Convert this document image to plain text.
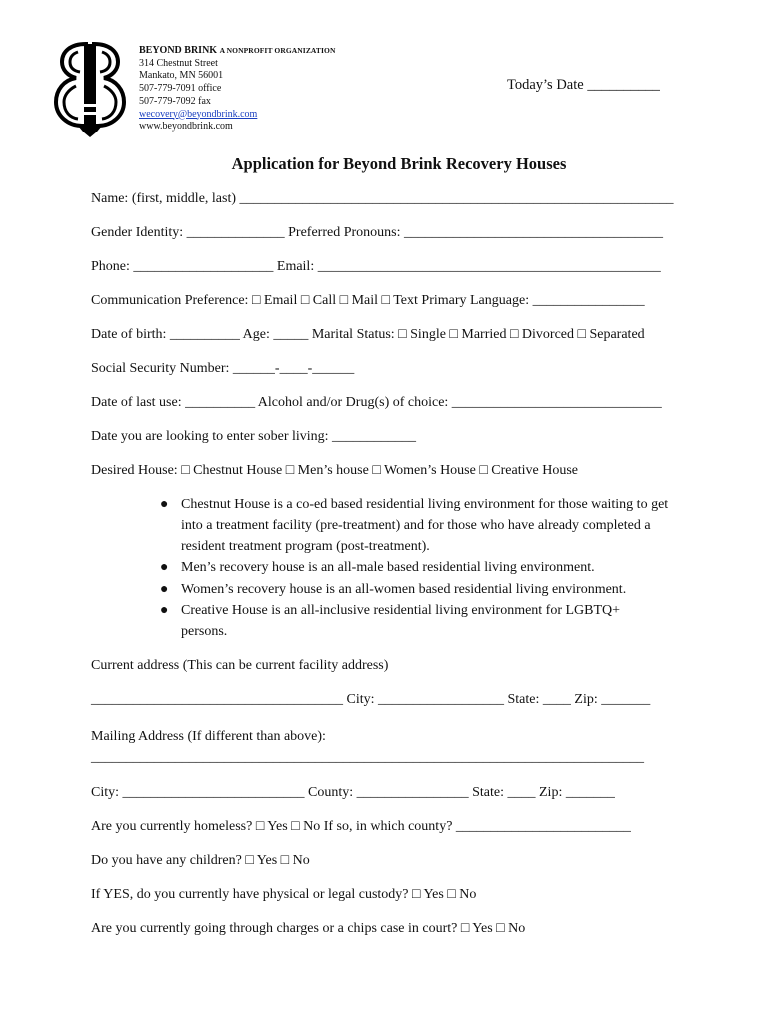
BEYOND BRINK A NONPROFIT ORGANIZATION
314 Chestnut Street
Mankato, MN 56001
507-779-7091 office
507-779-7092 fax
wecovery@beyondbrink.com
www.beyondbrink.com
Today’s Date __________
Application for Beyond Brink Recovery Houses
Name: (first, middle, last) ______________________________________________________________
Gender Identity: ______________ Preferred Pronouns: _____________________________________
Phone: ____________________ Email: _________________________________________________
Communication Preference: □ Email □ Call □ Mail □ Text Primary Language: ________________
Date of birth: __________ Age: _____ Marital Status: □ Single □ Married □ Divorced □ Separated
Social Security Number: ______-____-______
Date of last use: __________ Alcohol and/or Drug(s) of choice: ______________________________
Date you are looking to enter sober living: ____________
Desired House: □ Chestnut House □ Men’s house □ Women’s House □ Creative House
● Chestnut House is a co-ed based residential living environment for those waiting to get
into a treatment facility (pre-treatment) and for those who have already completed a
resident treatment program (post-treatment).
● Men’s recovery house is an all-male based residential living environment.
● Women’s recovery house is an all-women based residential living environment.
● Creative House is an all-inclusive residential living environment for LGBTQ+
persons.
Current address (This can be current facility address)
____________________________________ City: __________________ State: ____ Zip: _______
Mailing Address (If different than above):
_______________________________________________________________________________
City: __________________________ County: ________________ State: ____ Zip: _______
Are you currently homeless? □ Yes □ No If so, in which county? _________________________
Do you have any children? □ Yes □ No
If YES, do you currently have physical or legal custody? □ Yes □ No
Are you currently going through charges or a chips case in court? □ Yes □ No
